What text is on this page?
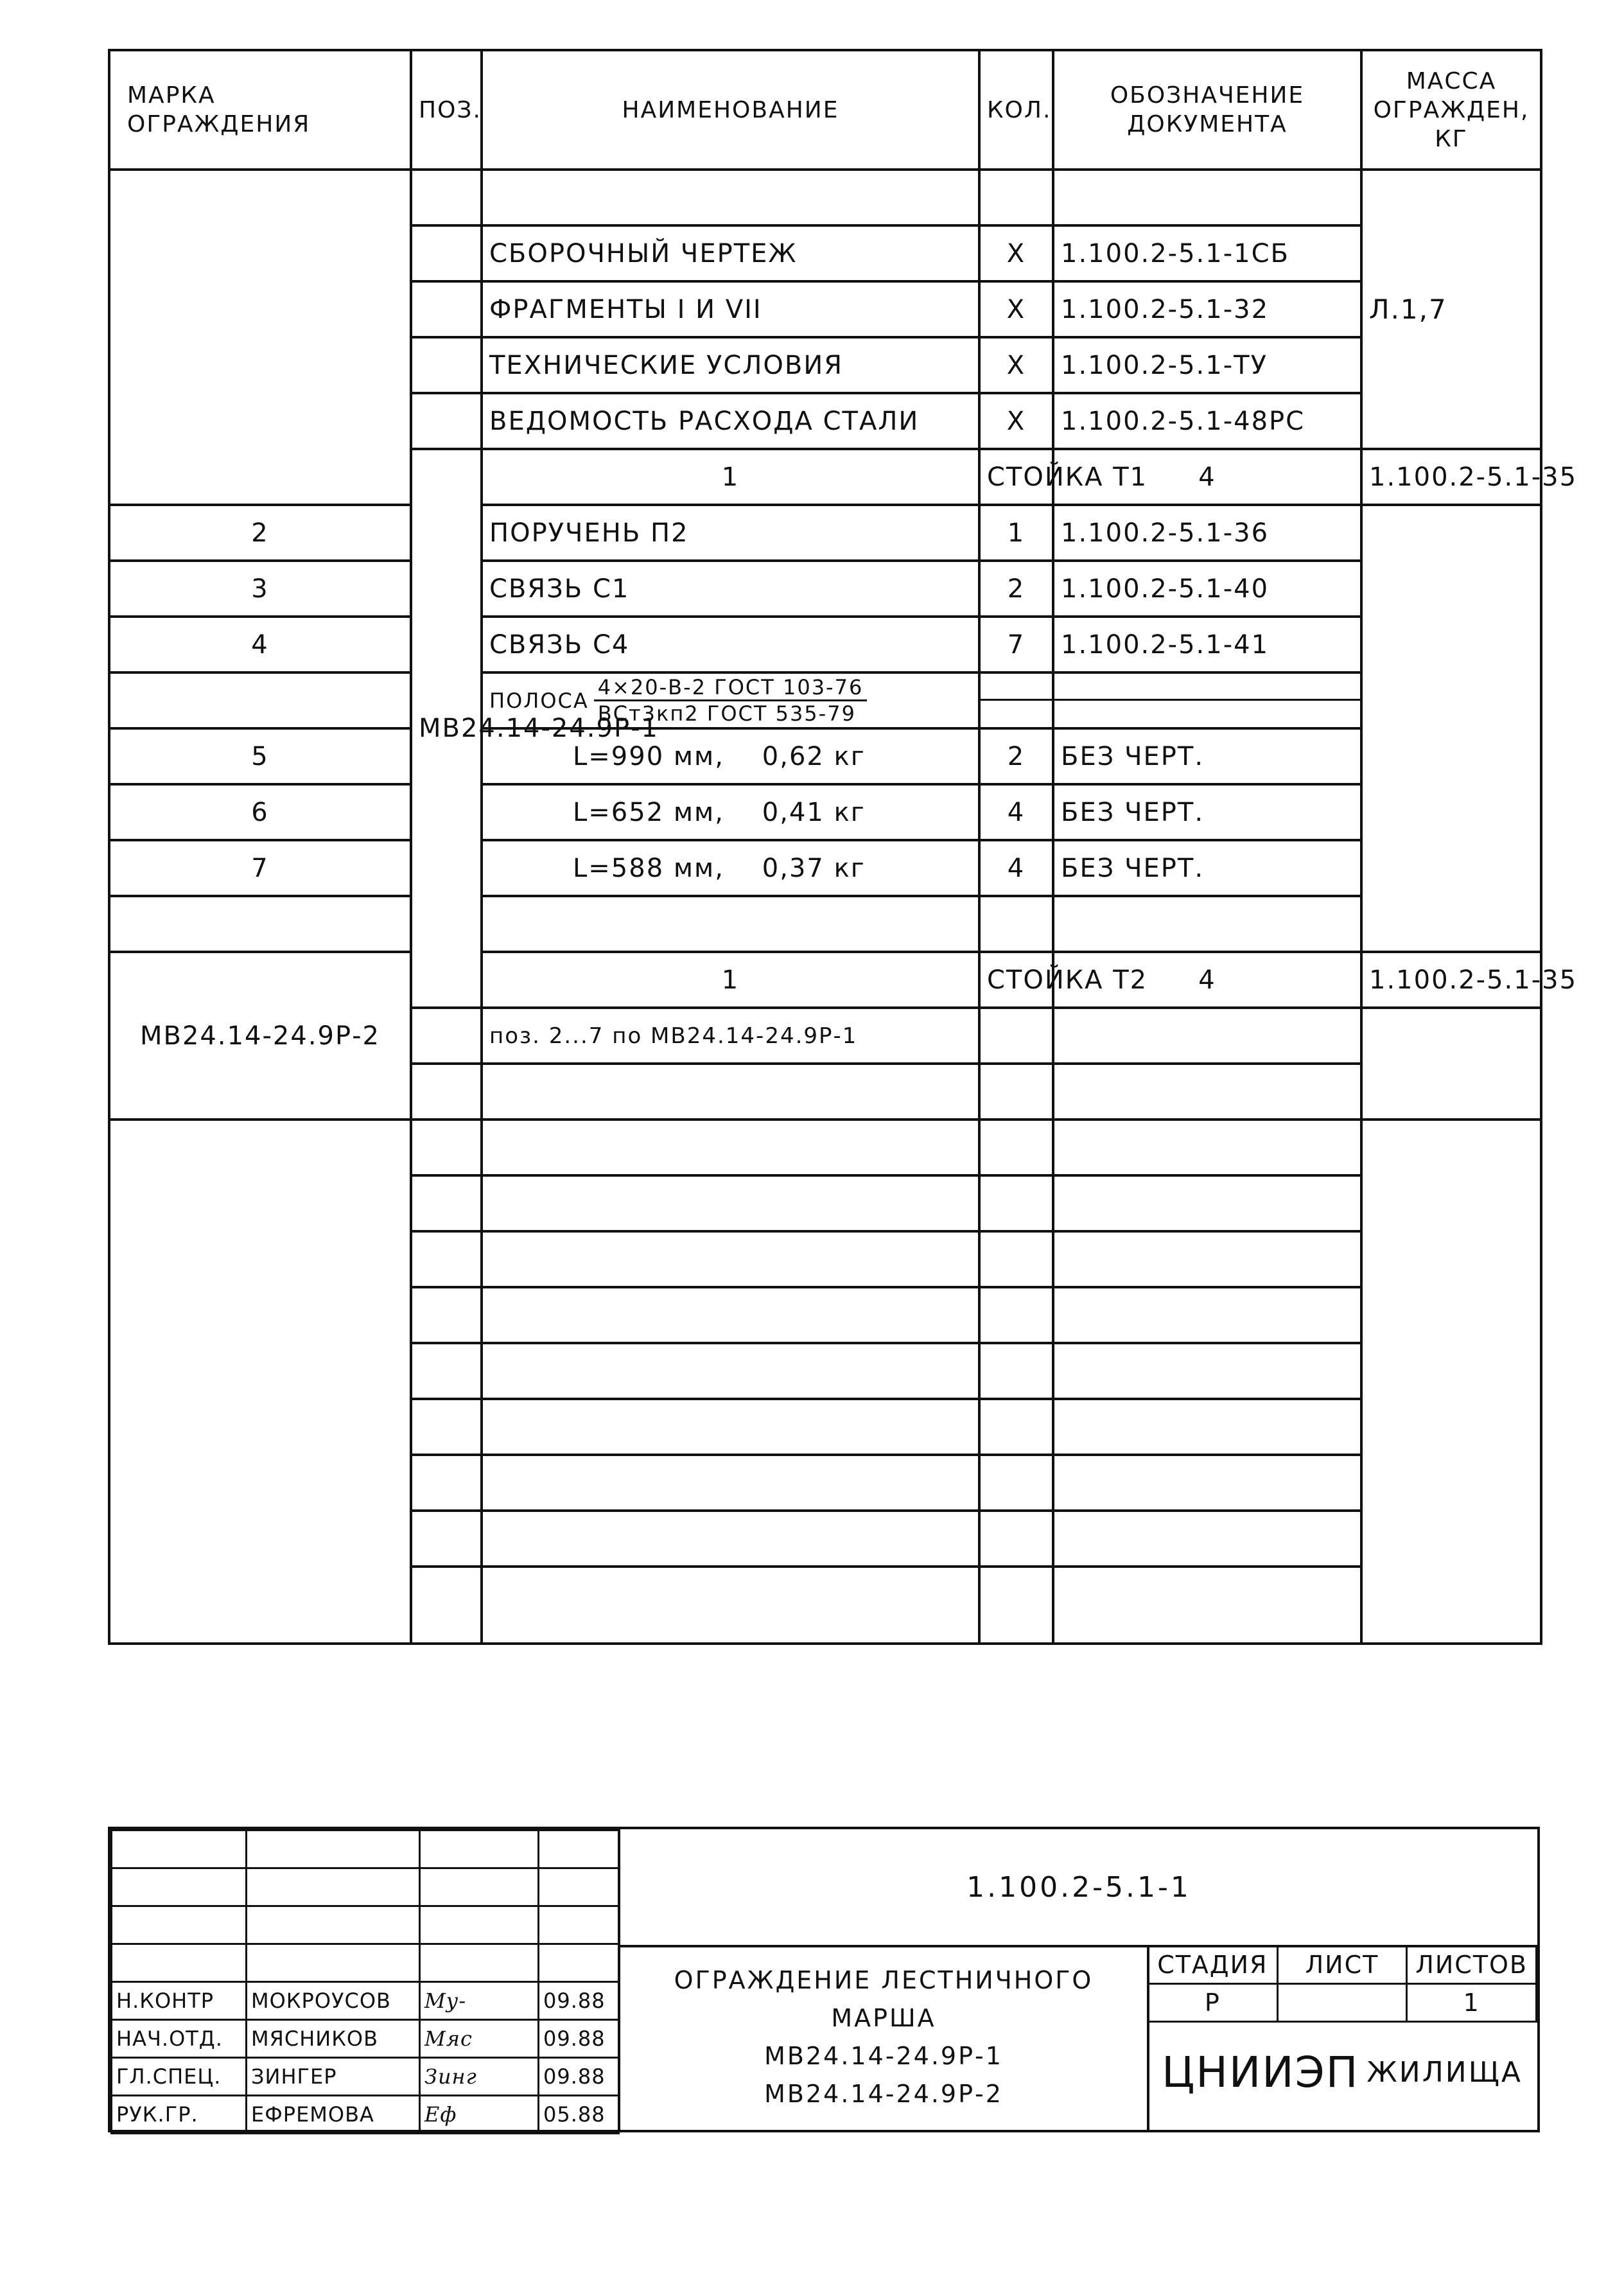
МАРКА ОГРАЖДЕНИЯ	ПОЗ.	НАИМЕНОВАНИЕ	КОЛ.	ОБОЗНАЧЕНИЕ ДОКУМЕНТА	МАССА ОГРАЖДЕН, КГ	
					Л.1,7	
		СБОРОЧНЫЙ ЧЕРТЕЖ	Х	1.100.2-5.1-1СБ		
		ФРАГМЕНТЫ I И VII	Х	1.100.2-5.1-32		
		ТЕХНИЧЕСКИЕ УСЛОВИЯ	Х	1.100.2-5.1-ТУ		
		ВЕДОМОСТЬ РАСХОДА СТАЛИ	Х	1.100.2-5.1-48РС		
	МВ24.14-24.9Р-1	1	СТОЙКА Т1	4	1.100.2-5.1-35	
2		ПОРУЧЕНЬ П2	1	1.100.2-5.1-36		
3		СВЯЗЬ С1	2	1.100.2-5.1-40		
4		СВЯЗЬ С4	7	1.100.2-5.1-41		

		ПОЛОСА $\frac{\text{4×20-В-2 ГОСТ 103-76}}{\text{ВСт3кп2 ГОСТ 535-79}}$

5		L=990 мм, 0,62 кг	2	БЕЗ ЧЕРТ.		
6		L=652 мм, 0,41 кг	4	БЕЗ ЧЕРТ.		
7		L=588 мм, 0,37 кг	4	БЕЗ ЧЕРТ.		

МВ24.14-24.9Р-2		1	СТОЙКА Т2	4	1.100.2-5.1-35	
		поз. 2...7 по МВ24.14-24.9Р-1				

Н.КОНТР	МОКРОУСОВ	Му-	09.88
НАЧ.ОТД.	МЯСНИКОВ	Мяс	09.88
ГЛ.СПЕЦ.	ЗИНГЕР	Зинг	09.88
РУК.ГР.	ЕФРЕМОВА	Еф	05.88
1.100.2-5.1-1
ОГРАЖДЕНИЕ ЛЕСТНИЧНОГО
МАРША
МВ24.14-24.9Р-1
МВ24.14-24.9Р-2
СТАДИЯ	ЛИСТ	ЛИСТОВ
Р		1
ЦНИИЭП ЖИЛИЩА
